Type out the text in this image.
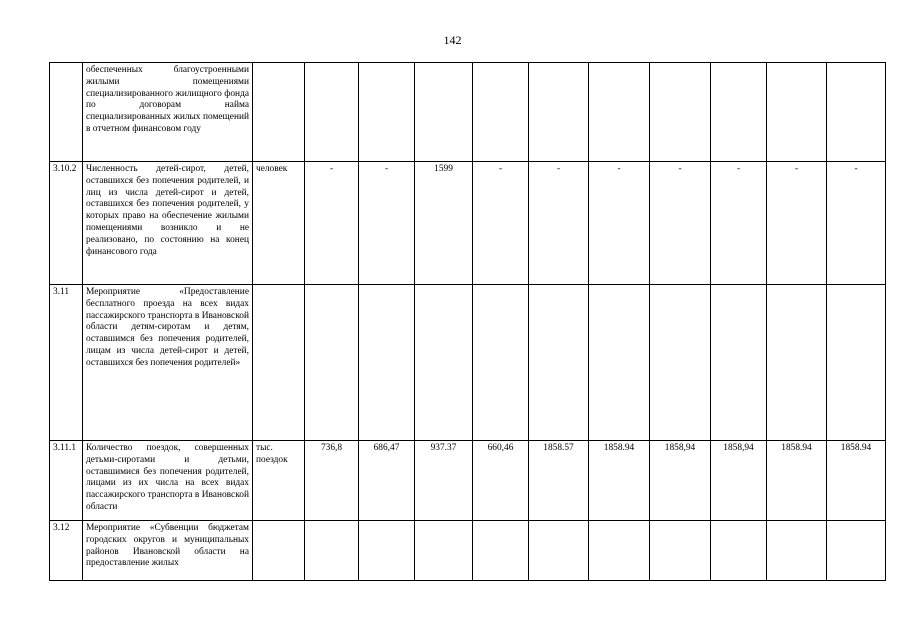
142
	обеспеченных благоустроенными жилыми помещениями специализированного жилищного фонда по договорам найма специализированных жилых помещений в отчетном финансовом году											
3.10.2	Численность детей-сирот, детей, оставшихся без попечения родителей, и лиц из числа детей-сирот и детей, оставшихся без попечения родителей, у которых право на обеспечение жилыми помещениями возникло и не реализовано, по состоянию на конец финансового года	человек	-	-	1599	-	-	-	-	-	-	-
3.11	Мероприятие «Предоставление бесплатного проезда на всех видах пассажирского транспорта в Ивановской области детям-сиротам и детям, оставшимся без попечения родителей, лицам из числа детей-сирот и детей, оставшихся без попечения родителей»											
3.11.1	Количество поездок, совершенных детьми-сиротами и детьми, оставшимися без попечения родителей, лицами из их числа на всех видах пассажирского транспорта в Ивановской области	тыс. поездок	736,8	686,47	937.37	660,46	1858.57	1858.94	1858,94	1858,94	1858.94	1858.94
3.12	Мероприятие «Субвенции бюджетам городских округов и муниципальных районов Ивановской области на предоставление жилых											
